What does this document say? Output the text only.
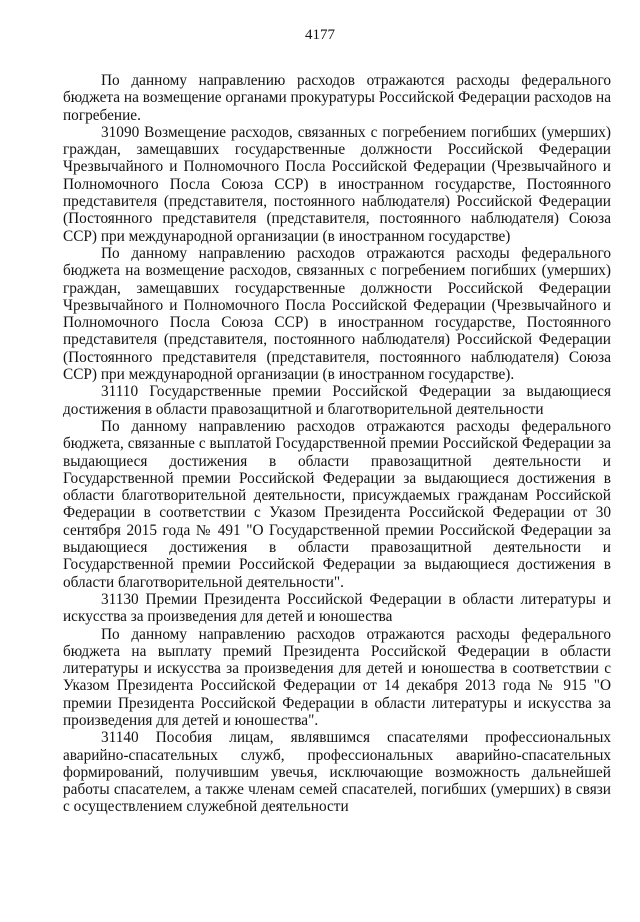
4177

По данному направлению расходов отражаются расходы федерального бюджета на возмещение органами прокуратуры Российской Федерации расходов на погребение.

31090 Возмещение расходов, связанных с погребением погибших (умерших) граждан, замещавших государственные должности Российской Федерации Чрезвычайного и Полномочного Посла Российской Федерации (Чрезвычайного и Полномочного Посла Союза ССР) в иностранном государстве, Постоянного представителя (представителя, постоянного наблюдателя) Российской Федерации (Постоянного представителя (представителя, постоянного наблюдателя) Союза ССР) при международной организации (в иностранном государстве)

По данному направлению расходов отражаются расходы федерального бюджета на возмещение расходов, связанных с погребением погибших (умерших) граждан, замещавших государственные должности Российской Федерации Чрезвычайного и Полномочного Посла Российской Федерации (Чрезвычайного и Полномочного Посла Союза ССР) в иностранном государстве, Постоянного представителя (представителя, постоянного наблюдателя) Российской Федерации (Постоянного представителя (представителя, постоянного наблюдателя) Союза ССР) при международной организации (в иностранном государстве).

31110 Государственные премии Российской Федерации за выдающиеся достижения в области правозащитной и благотворительной деятельности

По данному направлению расходов отражаются расходы федерального бюджета, связанные с выплатой Государственной премии Российской Федерации за выдающиеся достижения в области правозащитной деятельности и Государственной премии Российской Федерации за выдающиеся достижения в области благотворительной деятельности, присуждаемых гражданам Российской Федерации в соответствии с Указом Президента Российской Федерации от 30 сентября 2015 года № 491 "О Государственной премии Российской Федерации за выдающиеся достижения в области правозащитной деятельности и Государственной премии Российской Федерации за выдающиеся достижения в области благотворительной деятельности".

31130 Премии Президента Российской Федерации в области литературы и искусства за произведения для детей и юношества

По данному направлению расходов отражаются расходы федерального бюджета на выплату премий Президента Российской Федерации в области литературы и искусства за произведения для детей и юношества в соответствии с Указом Президента Российской Федерации от 14 декабря 2013 года № 915 "О премии Президента Российской Федерации в области литературы и искусства за произведения для детей и юношества".

31140 Пособия лицам, являвшимся спасателями профессиональных аварийно-спасательных служб, профессиональных аварийно-спасательных формирований, получившим увечья, исключающие возможность дальнейшей работы спасателем, а также членам семей спасателей, погибших (умерших) в связи с осуществлением служебной деятельности
